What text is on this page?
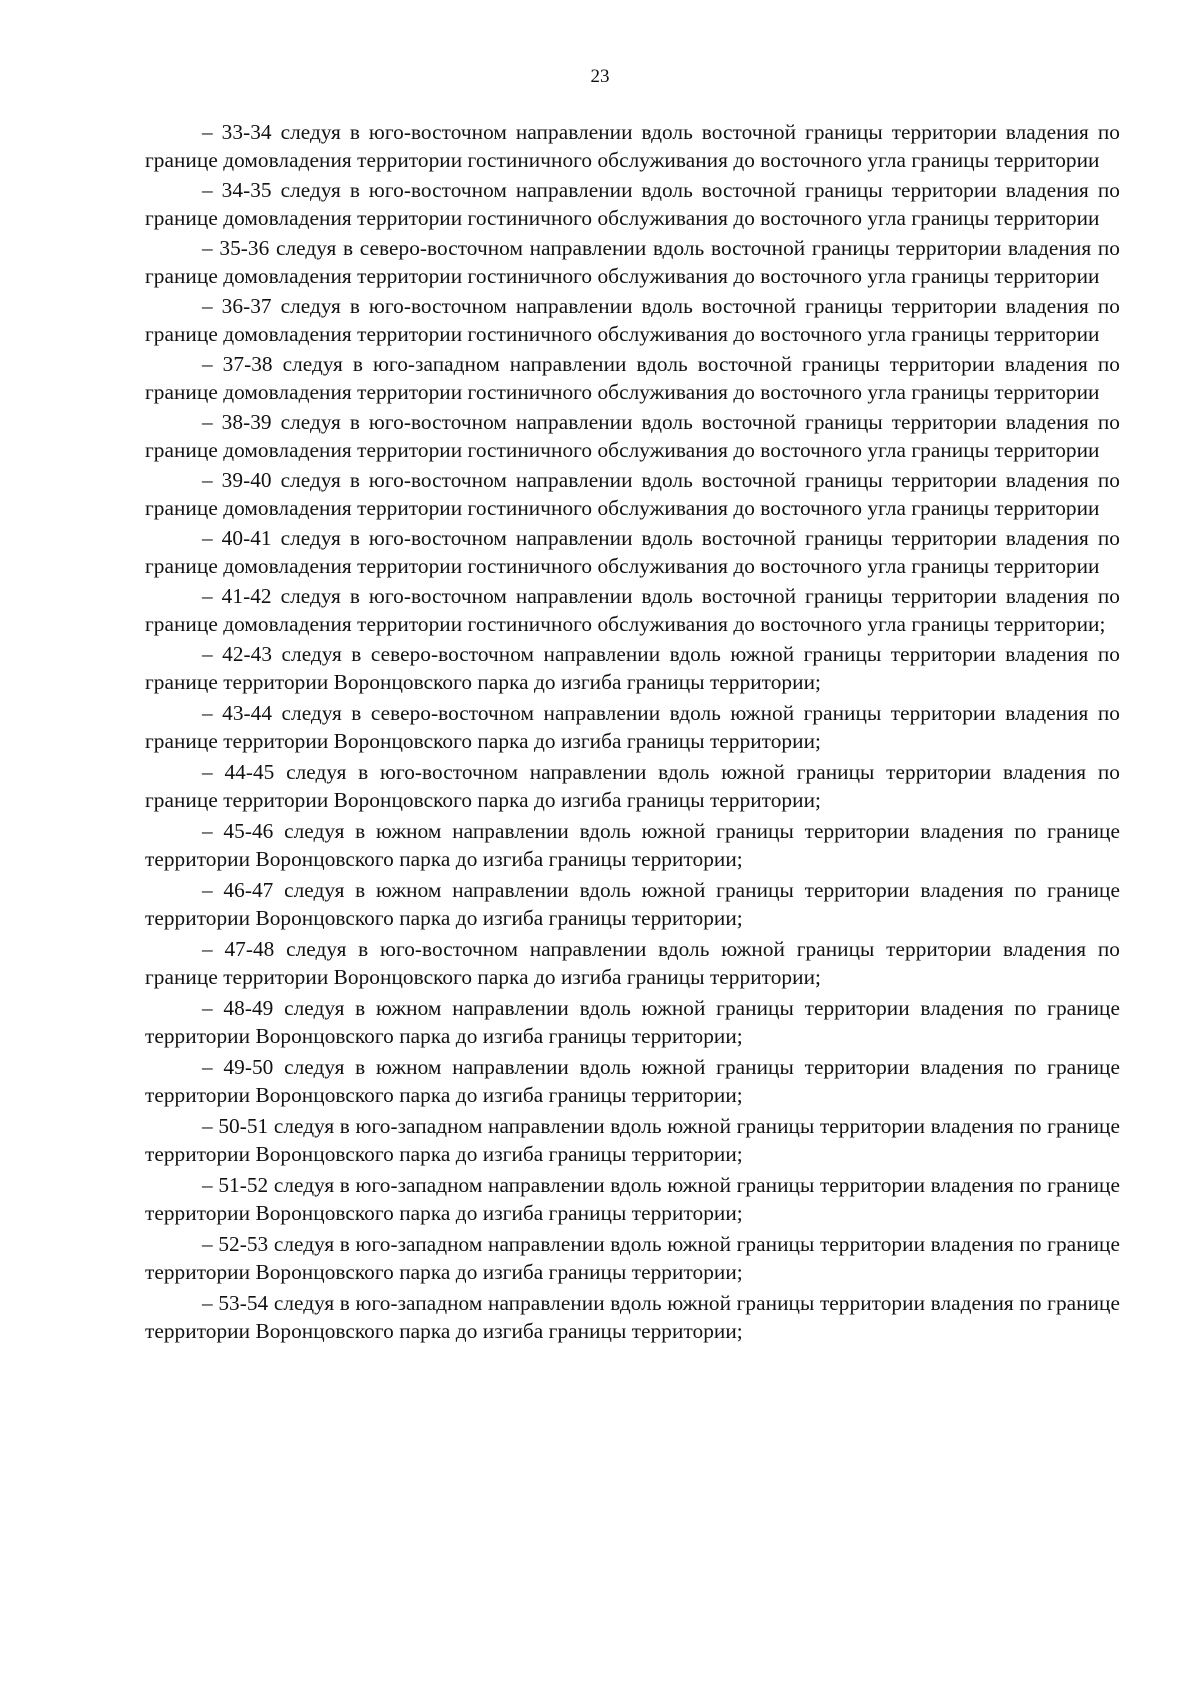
23

– 33-34 следуя в юго-восточном направлении вдоль восточной границы территории владения по границе домовладения территории гостиничного обслуживания до восточного угла границы территории

– 34-35 следуя в юго-восточном направлении вдоль восточной границы территории владения по границе домовладения территории гостиничного обслуживания до восточного угла границы территории

– 35-36 следуя в северо-восточном направлении вдоль восточной границы территории владения по границе домовладения территории гостиничного обслуживания до восточного угла границы территории

– 36-37 следуя в юго-восточном направлении вдоль восточной границы территории владения по границе домовладения территории гостиничного обслуживания до восточного угла границы территории

– 37-38 следуя в юго-западном направлении вдоль восточной границы территории владения по границе домовладения территории гостиничного обслуживания до восточного угла границы территории

– 38-39 следуя в юго-восточном направлении вдоль восточной границы территории владения по границе домовладения территории гостиничного обслуживания до восточного угла границы территории

– 39-40 следуя в юго-восточном направлении вдоль восточной границы территории владения по границе домовладения территории гостиничного обслуживания до восточного угла границы территории

– 40-41 следуя в юго-восточном направлении вдоль восточной границы территории владения по границе домовладения территории гостиничного обслуживания до восточного угла границы территории

– 41-42 следуя в юго-восточном направлении вдоль восточной границы территории владения по границе домовладения территории гостиничного обслуживания до восточного угла границы территории;

– 42-43 следуя в северо-восточном направлении вдоль южной границы территории владения по границе территории Воронцовского парка до изгиба границы территории;

– 43-44 следуя в северо-восточном направлении вдоль южной границы территории владения по границе территории Воронцовского парка до изгиба границы территории;

– 44-45 следуя в юго-восточном направлении вдоль южной границы территории владения по границе территории Воронцовского парка до изгиба границы территории;

– 45-46 следуя в южном направлении вдоль южной границы территории владения по границе территории Воронцовского парка до изгиба границы территории;

– 46-47 следуя в южном направлении вдоль южной границы территории владения по границе территории Воронцовского парка до изгиба границы территории;

– 47-48 следуя в юго-восточном направлении вдоль южной границы территории владения по границе территории Воронцовского парка до изгиба границы территории;

– 48-49 следуя в южном направлении вдоль южной границы территории владения по границе территории Воронцовского парка до изгиба границы территории;

– 49-50 следуя в южном направлении вдоль южной границы территории владения по границе территории Воронцовского парка до изгиба границы территории;

– 50-51 следуя в юго-западном направлении вдоль южной границы территории владения по границе территории Воронцовского парка до изгиба границы территории;

– 51-52 следуя в юго-западном направлении вдоль южной границы территории владения по границе территории Воронцовского парка до изгиба границы территории;

– 52-53 следуя в юго-западном направлении вдоль южной границы территории владения по границе территории Воронцовского парка до изгиба границы территории;

– 53-54 следуя в юго-западном направлении вдоль южной границы территории владения по границе территории Воронцовского парка до изгиба границы территории;
